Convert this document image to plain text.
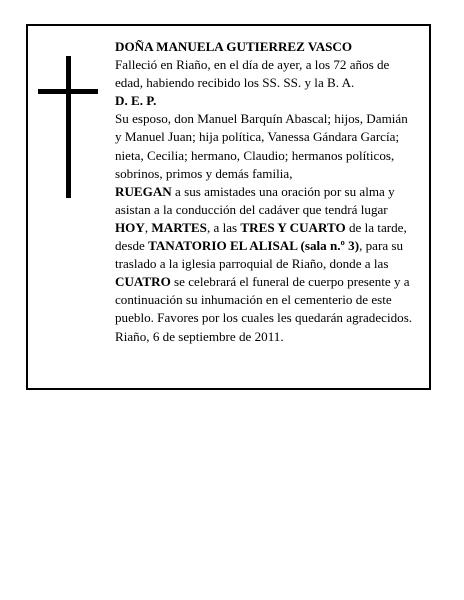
DOÑA MANUELA GUTIERREZ VASCO

Falleció en Riaño, en el día de ayer, a los 72 años de edad, habiendo recibido los SS. SS. y la B. A.

D. E. P.

Su esposo, don Manuel Barquín Abascal; hijos, Damián y Manuel Juan; hija política, Vanessa Gándara García; nieta, Cecilia; hermano, Claudio; hermanos políticos, sobrinos, primos y demás familia,

RUEGAN a sus amistades una oración por su alma y asistan a la conducción del cadáver que tendrá lugar HOY, MARTES, a las TRES Y CUARTO de la tarde, desde TANATORIO EL ALISAL (sala n.º 3), para su traslado a la iglesia parroquial de Riaño, donde a las CUATRO se celebrará el funeral de cuerpo presente y a continuación su inhumación en el cementerio de este pueblo. Favores por los cuales les quedarán agradecidos.

Riaño, 6 de septiembre de 2011.
